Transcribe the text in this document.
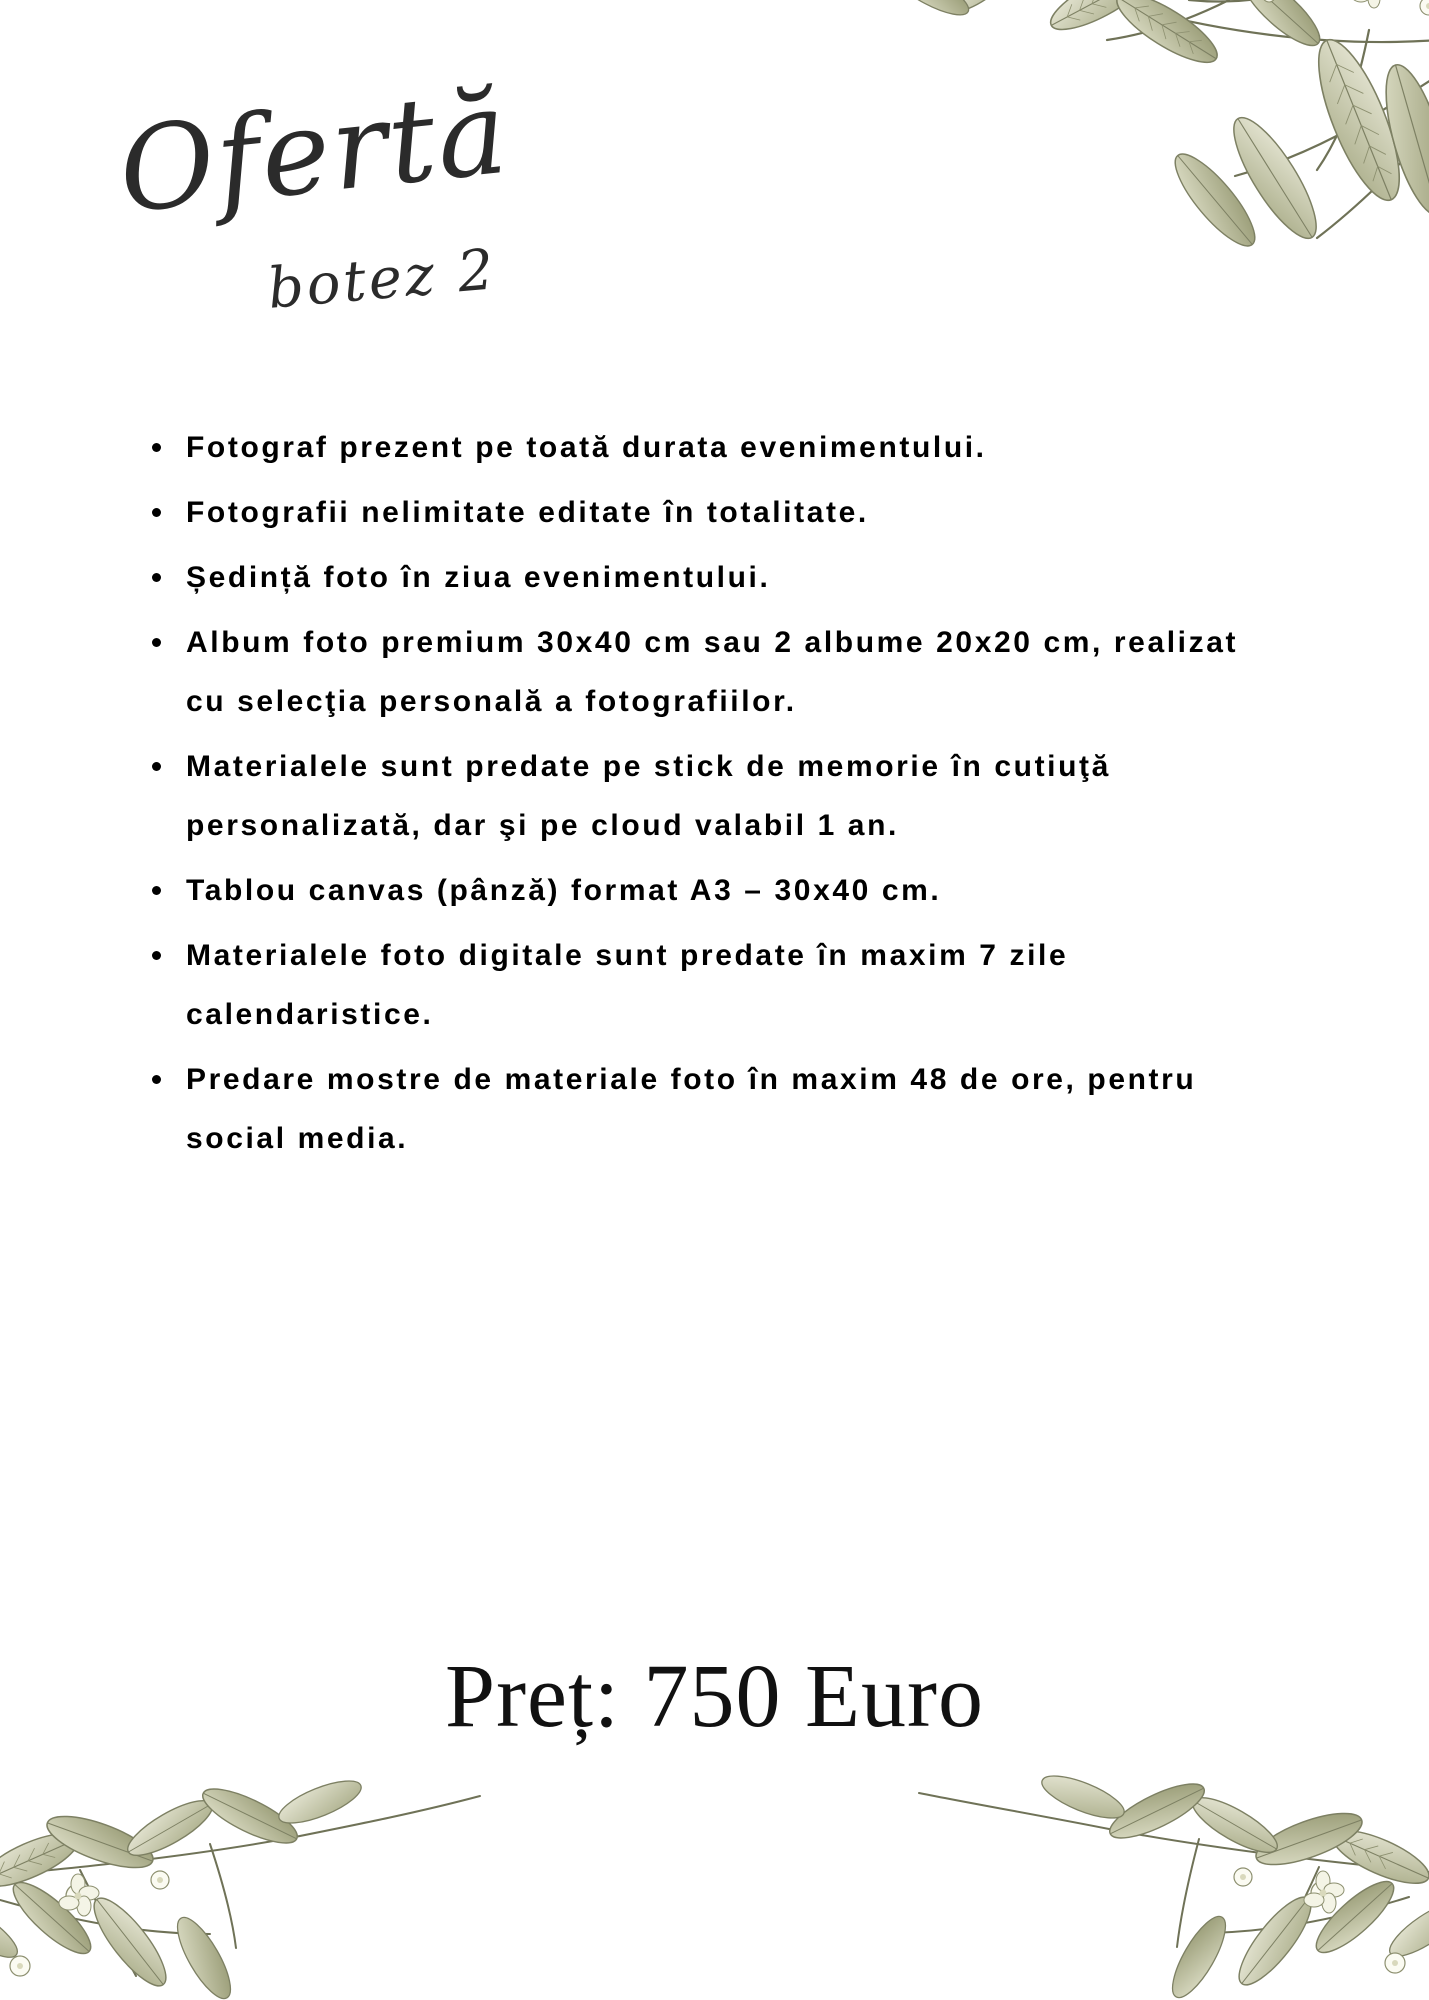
Ofertă
botez 2
Fotograf prezent pe toată durata evenimentului.
Fotografii nelimitate editate în totalitate.
Ședință foto în ziua evenimentului.
Album foto premium 30x40 cm sau 2 albume 20x20 cm, realizat cu selecţia personală a fotografiilor.
Materialele sunt predate pe stick de memorie în cutiuţă personalizată, dar şi pe cloud valabil 1 an.
Tablou canvas (pânză) format A3 – 30x40 cm.
Materialele foto digitale sunt predate în maxim 7 zile calendaristice.
Predare mostre de materiale foto în maxim 48 de ore, pentru social media.
Preț: 750 Euro
